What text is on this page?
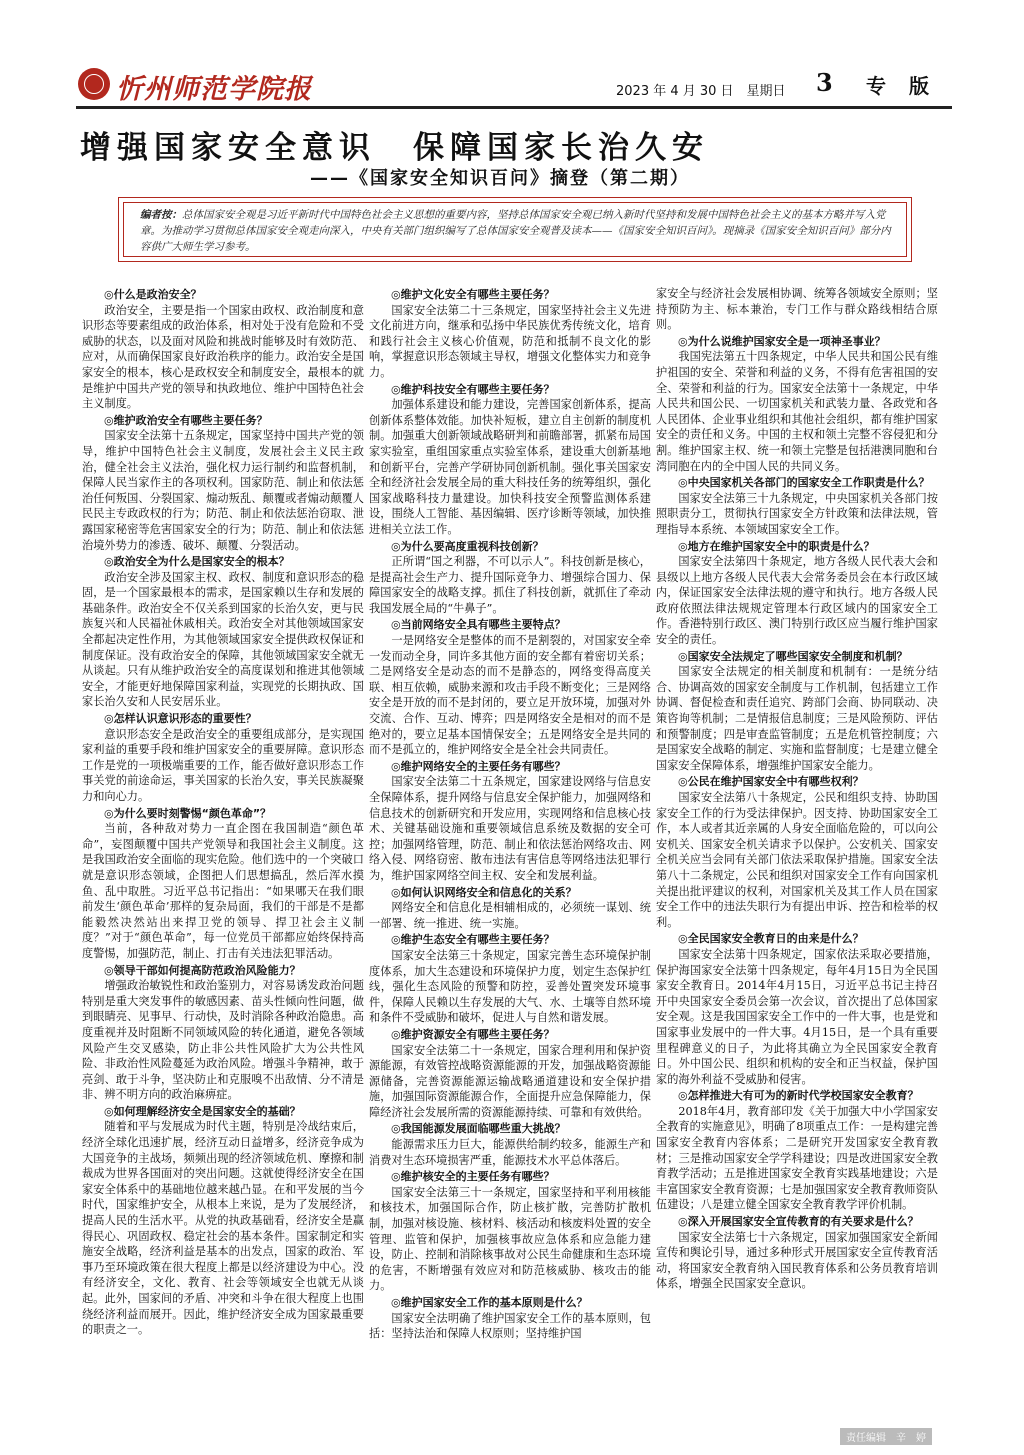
忻州师范学院报	2023 年 4 月 30 日　星期日 3 专 版
增强国家安全意识　保障国家长治久安
——《国家安全知识百问》摘登（第二期）
编者按：总体国家安全观是习近平新时代中国特色社会主义思想的重要内容，坚持总体国家安全观已纳入新时代坚持和发展中国特色社会主义的基本方略并写入党章。为推动学习贯彻总体国家安全观走向深入，中央有关部门组织编写了总体国家安全观普及读本——《国家安全知识百问》。现摘录《国家安全知识百问》部分内容供广大师生学习参考。
◎什么是政治安全？

政治安全，主要是指一个国家由政权、政治制度和意识形态等要素组成的政治体系，相对处于没有危险和不受威胁的状态，以及面对风险和挑战时能够及时有效防范、应对，从而确保国家良好政治秩序的能力。政治安全是国家安全的根本，核心是政权安全和制度安全，最根本的就是维护中国共产党的领导和执政地位、维护中国特色社会主义制度。

◎维护政治安全有哪些主要任务？

国家安全法第十五条规定，国家坚持中国共产党的领导，维护中国特色社会主义制度，发展社会主义民主政治，健全社会主义法治，强化权力运行制约和监督机制，保障人民当家作主的各项权利。国家防范、制止和依法惩治任何叛国、分裂国家、煽动叛乱、颠覆或者煽动颠覆人民民主专政政权的行为；防范、制止和依法惩治窃取、泄露国家秘密等危害国家安全的行为；防范、制止和依法惩治境外势力的渗透、破坏、颠覆、分裂活动。

◎政治安全为什么是国家安全的根本？

政治安全涉及国家主权、政权、制度和意识形态的稳固，是一个国家最根本的需求，是国家赖以生存和发展的基础条件。政治安全不仅关系到国家的长治久安，更与民族复兴和人民福祉休戚相关。政治安全对其他领域国家安全都起决定性作用，为其他领域国家安全提供政权保证和制度保证。没有政治安全的保障，其他领域国家安全就无从谈起。只有从维护政治安全的高度谋划和推进其他领域安全，才能更好地保障国家利益，实现党的长期执政、国家长治久安和人民安居乐业。

◎怎样认识意识形态的重要性？

意识形态安全是政治安全的重要组成部分，是实现国家利益的重要手段和维护国家安全的重要屏障。意识形态工作是党的一项极端重要的工作，能否做好意识形态工作事关党的前途命运，事关国家的长治久安，事关民族凝聚力和向心力。

◎为什么要时刻警惕“颜色革命”？

当前，各种敌对势力一直企图在我国制造“颜色革命”，妄图颠覆中国共产党领导和我国社会主义制度。这是我国政治安全面临的现实危险。他们选中的一个突破口就是意识形态领域，企图把人们思想搞乱，然后浑水摸鱼、乱中取胜。习近平总书记指出：“如果哪天在我们眼前发生‘颜色革命’那样的复杂局面，我们的干部是不是都能毅然决然站出来捍卫党的领导、捍卫社会主义制度？”对于“颜色革命”，每一位党员干部都应始终保持高度警惕，加强防范，制止、打击有关违法犯罪活动。

◎领导干部如何提高防范政治风险能力？

增强政治敏锐性和政治鉴别力，对容易诱发政治问题特别是重大突发事件的敏感因素、苗头性倾向性问题，做到眼睛亮、见事早、行动快，及时消除各种政治隐患。高度重视并及时阻断不同领域风险的转化通道，避免各领域风险产生交叉感染，防止非公共性风险扩大为公共性风险、非政治性风险蔓延为政治风险。增强斗争精神，敢于亮剑、敢于斗争，坚决防止和克服嗅不出敌情、分不清是非、辨不明方向的政治麻痹症。

◎如何理解经济安全是国家安全的基础？

随着和平与发展成为时代主题，特别是冷战结束后，经济全球化迅速扩展，经济互动日益增多，经济竞争成为大国竞争的主战场，频频出现的经济领域危机、摩擦和制裁成为世界各国面对的突出问题。这就使得经济安全在国家安全体系中的基础地位越来越凸显。在和平发展的当今时代，国家维护安全，从根本上来说，是为了发展经济，提高人民的生活水平。从党的执政基础看，经济安全是赢得民心、巩固政权、稳定社会的基本条件。国家制定和实施安全战略，经济利益是基本的出发点，国家的政治、军事乃至环境政策在很大程度上都是以经济建设为中心。没有经济安全，文化、教育、社会等领域安全也就无从谈起。此外，国家间的矛盾、冲突和斗争在很大程度上也围绕经济利益而展开。因此，维护经济安全成为国家最重要的职责之一。

◎维护文化安全有哪些主要任务？

国家安全法第二十三条规定，国家坚持社会主义先进文化前进方向，继承和弘扬中华民族优秀传统文化，培育和践行社会主义核心价值观，防范和抵制不良文化的影响，掌握意识形态领域主导权，增强文化整体实力和竞争力。

◎维护科技安全有哪些主要任务？

加强体系建设和能力建设，完善国家创新体系，提高创新体系整体效能。加快补短板，建立自主创新的制度机制。加强重大创新领域战略研判和前瞻部署，抓紧布局国家实验室，重组国家重点实验室体系，建设重大创新基地和创新平台，完善产学研协同创新机制。强化事关国家安全和经济社会发展全局的重大科技任务的统筹组织，强化国家战略科技力量建设。加快科技安全预警监测体系建设，围绕人工智能、基因编辑、医疗诊断等领域，加快推进相关立法工作。

◎为什么要高度重视科技创新？

正所谓“国之利器，不可以示人”。科技创新是核心，是提高社会生产力、提升国际竞争力、增强综合国力、保障国家安全的战略支撑。抓住了科技创新，就抓住了牵动我国发展全局的“牛鼻子”。

◎当前网络安全具有哪些主要特点？

一是网络安全是整体的而不是割裂的，对国家安全牵一发而动全身，同许多其他方面的安全都有着密切关系；二是网络安全是动态的而不是静态的，网络变得高度关联、相互依赖，威胁来源和攻击手段不断变化；三是网络安全是开放的而不是封闭的，要立足开放环境，加强对外交流、合作、互动、博弈；四是网络安全是相对的而不是绝对的，要立足基本国情保安全；五是网络安全是共同的而不是孤立的，维护网络安全是全社会共同责任。

◎维护网络安全的主要任务有哪些？

国家安全法第二十五条规定，国家建设网络与信息安全保障体系，提升网络与信息安全保护能力，加强网络和信息技术的创新研究和开发应用，实现网络和信息核心技术、关键基础设施和重要领域信息系统及数据的安全可控；加强网络管理，防范、制止和依法惩治网络攻击、网络入侵、网络窃密、散布违法有害信息等网络违法犯罪行为，维护国家网络空间主权、安全和发展利益。

◎如何认识网络安全和信息化的关系？

网络安全和信息化是相辅相成的，必须统一谋划、统一部署、统一推进、统一实施。

◎维护生态安全有哪些主要任务？

国家安全法第三十条规定，国家完善生态环境保护制度体系，加大生态建设和环境保护力度，划定生态保护红线，强化生态风险的预警和防控，妥善处置突发环境事件，保障人民赖以生存发展的大气、水、土壤等自然环境和条件不受威胁和破坏，促进人与自然和谐发展。

◎维护资源安全有哪些主要任务？

国家安全法第二十一条规定，国家合理利用和保护资源能源，有效管控战略资源能源的开发，加强战略资源能源储备，完善资源能源运输战略通道建设和安全保护措施，加强国际资源能源合作，全面提升应急保障能力，保障经济社会发展所需的资源能源持续、可靠和有效供给。

◎我国能源发展面临哪些重大挑战？

能源需求压力巨大，能源供给制约较多，能源生产和消费对生态环境损害严重，能源技术水平总体落后。

◎维护核安全的主要任务有哪些？

国家安全法第三十一条规定，国家坚持和平利用核能和核技术，加强国际合作，防止核扩散，完善防扩散机制，加强对核设施、核材料、核活动和核废料处置的安全管理、监管和保护，加强核事故应急体系和应急能力建设，防止、控制和消除核事故对公民生命健康和生态环境的危害，不断增强有效应对和防范核威胁、核攻击的能力。

◎维护国家安全工作的基本原则是什么？

国家安全法明确了维护国家安全工作的基本原则，包括：坚持法治和保障人权原则；坚持维护国

家安全与经济社会发展相协调、统筹各领域安全原则；坚持预防为主、标本兼治，专门工作与群众路线相结合原则。

◎为什么说维护国家安全是一项神圣事业？

我国宪法第五十四条规定，中华人民共和国公民有维护祖国的安全、荣誉和利益的义务，不得有危害祖国的安全、荣誉和利益的行为。国家安全法第十一条规定，中华人民共和国公民、一切国家机关和武装力量、各政党和各人民团体、企业事业组织和其他社会组织，都有维护国家安全的责任和义务。中国的主权和领土完整不容侵犯和分割。维护国家主权、统一和领土完整是包括港澳同胞和台湾同胞在内的全中国人民的共同义务。

◎中央国家机关各部门的国家安全工作职责是什么？

国家安全法第三十九条规定，中央国家机关各部门按照职责分工，贯彻执行国家安全方针政策和法律法规，管理指导本系统、本领域国家安全工作。

◎地方在维护国家安全中的职责是什么？

国家安全法第四十条规定，地方各级人民代表大会和县级以上地方各级人民代表大会常务委员会在本行政区域内，保证国家安全法律法规的遵守和执行。地方各级人民政府依照法律法规规定管理本行政区域内的国家安全工作。香港特别行政区、澳门特别行政区应当履行维护国家安全的责任。

◎国家安全法规定了哪些国家安全制度和机制？

国家安全法规定的相关制度和机制有：一是统分结合、协调高效的国家安全制度与工作机制，包括建立工作协调、督促检查和责任追究、跨部门会商、协同联动、决策咨询等机制；二是情报信息制度；三是风险预防、评估和预警制度；四是审查监管制度；五是危机管控制度；六是国家安全战略的制定、实施和监督制度；七是建立健全国家安全保障体系，增强维护国家安全能力。

◎公民在维护国家安全中有哪些权利？

国家安全法第八十条规定，公民和组织支持、协助国家安全工作的行为受法律保护。因支持、协助国家安全工作，本人或者其近亲属的人身安全面临危险的，可以向公安机关、国家安全机关请求予以保护。公安机关、国家安全机关应当会同有关部门依法采取保护措施。国家安全法第八十二条规定，公民和组织对国家安全工作有向国家机关提出批评建议的权利，对国家机关及其工作人员在国家安全工作中的违法失职行为有提出申诉、控告和检举的权利。

◎全民国家安全教育日的由来是什么？

国家安全法第十四条规定，国家依法采取必要措施，保护海国家安全法第十四条规定，每年4月15日为全民国家安全教育日。2014年4月15日，习近平总书记主持召开中央国家安全委员会第一次会议，首次提出了总体国家安全观。这是我国国家安全工作中的一件大事，也是党和国家事业发展中的一件大事。4月15日，是一个具有重要里程碑意义的日子，为此将其确立为全民国家安全教育日。外中国公民、组织和机构的安全和正当权益，保护国家的海外利益不受威胁和侵害。

◎怎样推进大有可为的新时代学校国家安全教育？

2018年4月，教育部印发《关于加强大中小学国家安全教育的实施意见》，明确了8项重点工作：一是构建完善国家安全教育内容体系；二是研究开发国家安全教育教材；三是推动国家安全学学科建设；四是改进国家安全教育教学活动；五是推进国家安全教育实践基地建设；六是丰富国家安全教育资源；七是加强国家安全教育教师资队伍建设；八是建立健全国家安全教育教学评价机制。

◎深入开展国家安全宣传教育的有关要求是什么？

国家安全法第七十六条规定，国家加强国家安全新闻宣传和舆论引导，通过多种形式开展国家安全宣传教育活动，将国家安全教育纳入国民教育体系和公务员教育培训体系，增强全民国家安全意识。

责任编辑　辛　婷
